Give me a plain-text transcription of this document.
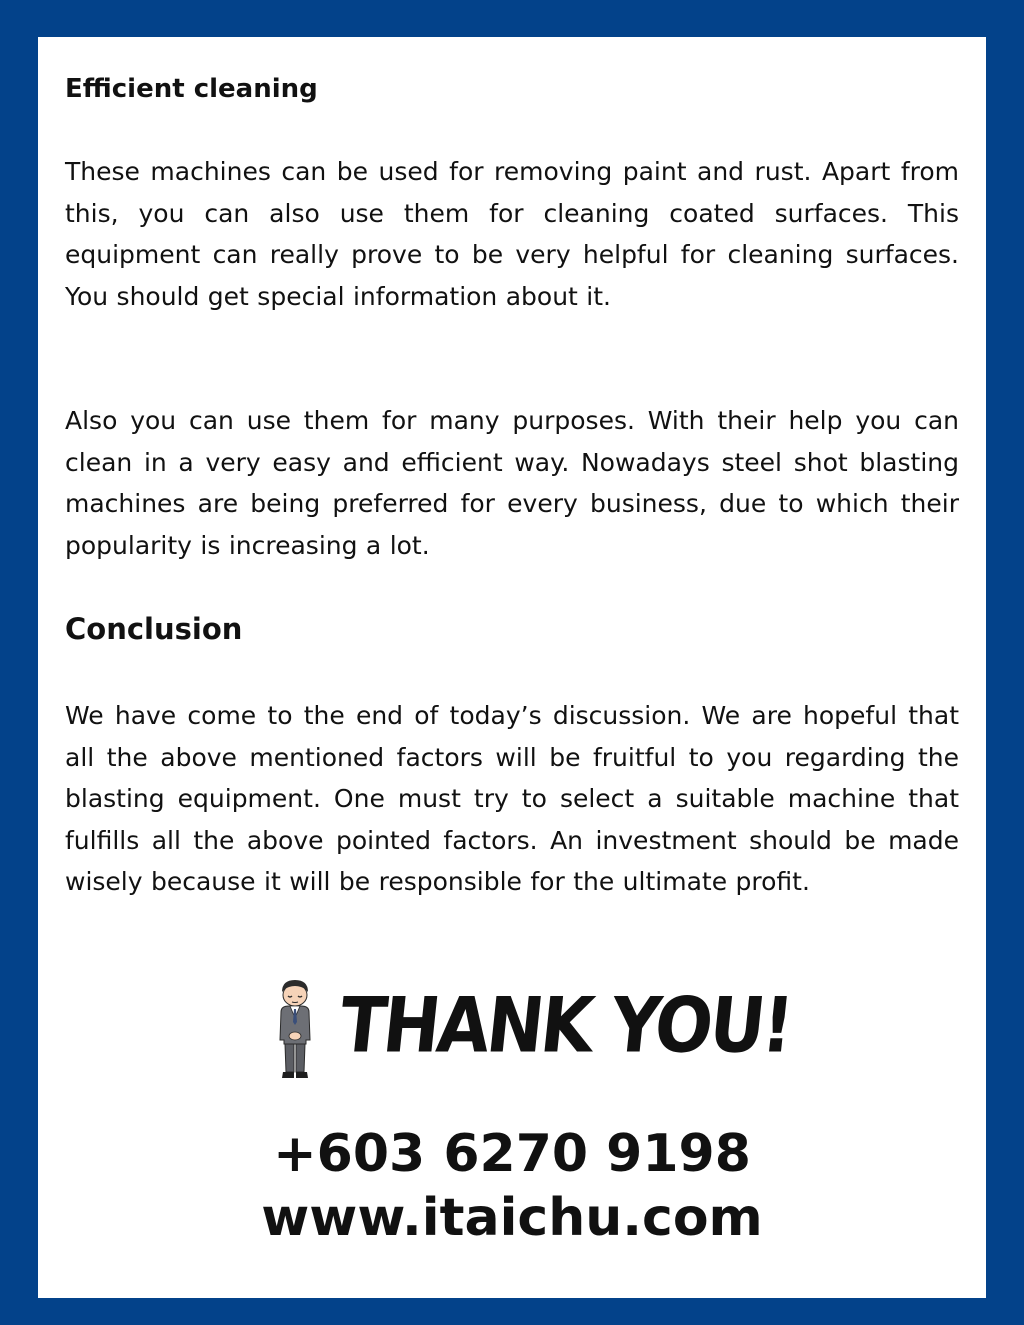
Efficient cleaning

These machines can be used for removing paint and rust. Apart from this, you can also use them for cleaning coated surfaces. This equipment can really prove to be very helpful for cleaning surfaces. You should get special information about it.

Also you can use them for many purposes. With their help you can clean in a very easy and efficient way. Nowadays steel shot blasting machines are being preferred for every business, due to which their popularity is increasing a lot.

Conclusion

We have come to the end of today’s discussion. We are hopeful that all the above mentioned factors will be fruitful to you regarding the blasting equipment. One must try to select a suitable machine that fulfills all the above pointed factors. An investment should be made wisely because it will be responsible for the ultimate profit.

THANK YOU!
+603 6270 9198
www.itaichu.com
